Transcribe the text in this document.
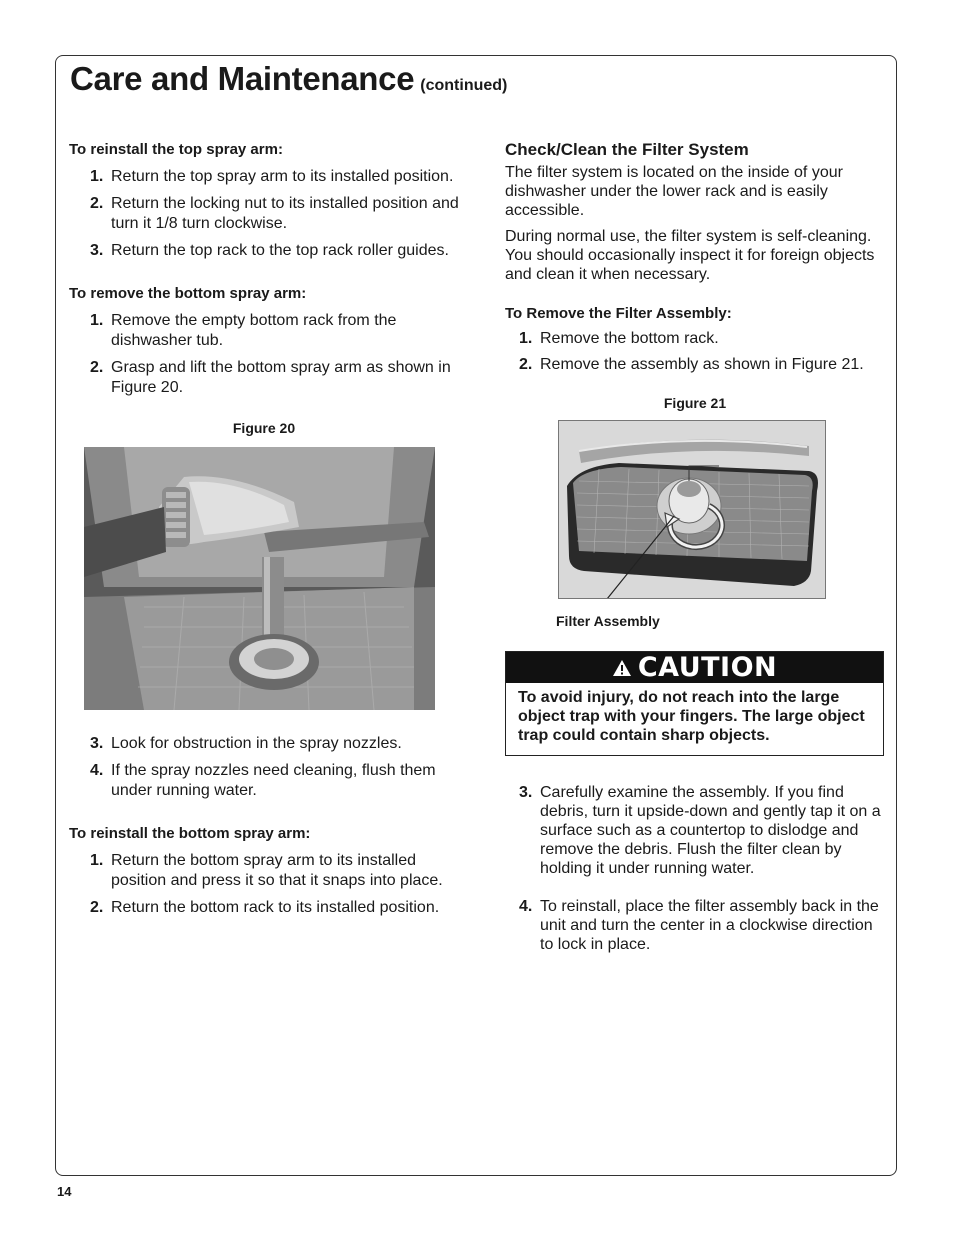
Care and Maintenance (continued)
To reinstall the top spray arm:
1. Return the top spray arm to its installed position.
2. Return the locking nut to its installed position and turn it 1/8 turn clockwise.
3. Return the top rack to the top rack roller guides.
To remove the bottom spray arm:
1. Remove the empty bottom rack from the dishwasher tub.
2. Grasp and lift the bottom spray arm as shown in Figure 20.
Figure 20
3. Look for obstruction in the spray nozzles.
4. If the spray nozzles need cleaning, flush them under running water.
To reinstall the bottom spray arm:
1. Return the bottom spray arm to its installed position and press it so that it snaps into place.
2. Return the bottom rack to its installed position.
Check/Clean the Filter System

The filter system is located on the inside of your dishwasher under the lower rack and is easily accessible.

During normal use, the filter system is self-cleaning. You should occasionally inspect it for foreign objects and clean it when necessary.

To Remove the Filter Assembly:
1. Remove the bottom rack.
2. Remove the assembly as shown in Figure 21.
Figure 21
Filter Assembly
CAUTION
To avoid injury, do not reach into the large object trap with your fingers. The large object trap could contain sharp objects.
3. Carefully examine the assembly. If you find debris, turn it upside-down and gently tap it on a surface such as a countertop to dislodge and remove the debris. Flush the filter clean by holding it under running water.
4. To reinstall, place the filter assembly back in the unit and turn the center in a clockwise direction to lock in place.
14
